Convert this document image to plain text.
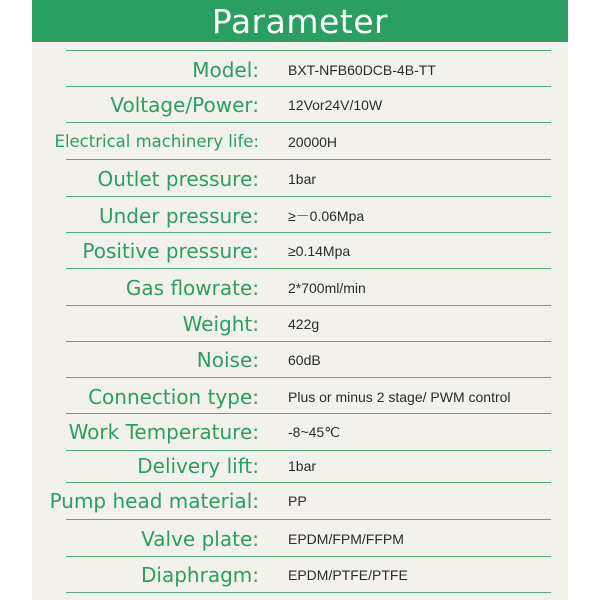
Parameter
Model: BXT-NFB60DCB-4B-TT
Voltage/Power: 12Vor24V/10W
Electrical machinery life: 20000H
Outlet pressure: 1bar
Under pressure: ≥－0.06Mpa
Positive pressure: ≥0.14Mpa
Gas flowrate: 2*700ml/min
Weight: 422g
Noise: 60dB
Connection type: Plus or minus 2 stage/ PWM control
Work Temperature: -8~45℃
Delivery lift: 1bar
Pump head material: PP
Valve plate: EPDM/FPM/FFPM
Diaphragm: EPDM/PTFE/PTFE
